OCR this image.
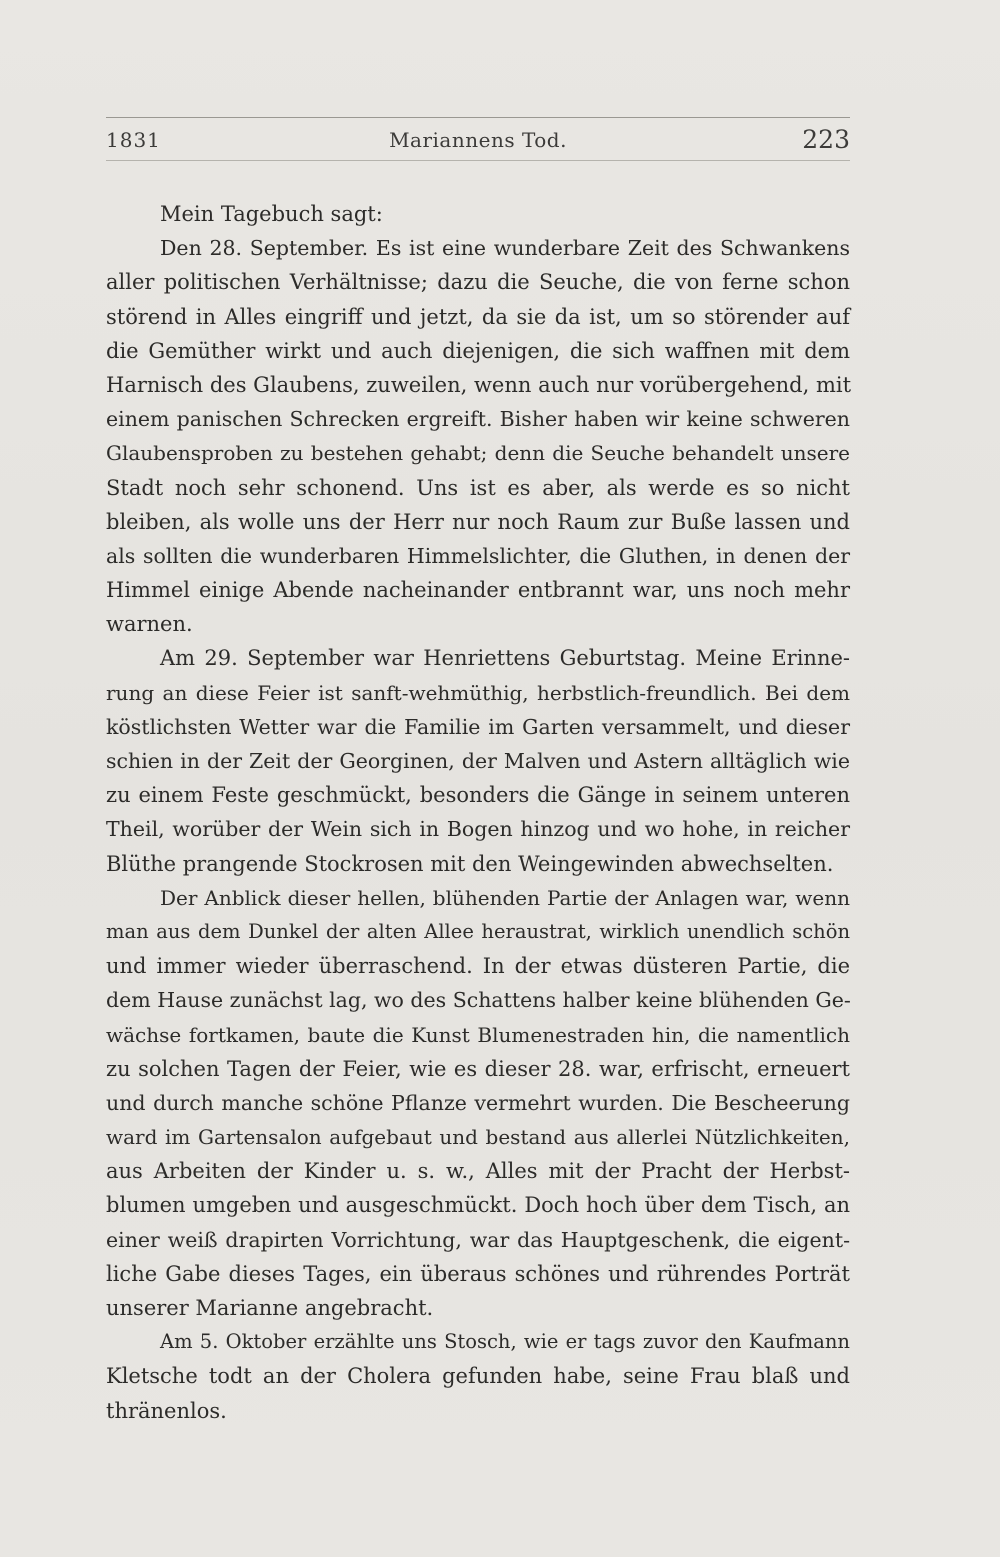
1831	Mariannens Tod.	223
Mein Tagebuch sagt:
Den 28. September. Es ist eine wunderbare Zeit des Schwankens
aller politischen Verhältnisse; dazu die Seuche, die von ferne schon
störend in Alles eingriff und jetzt, da sie da ist, um so störender auf
die Gemüther wirkt und auch diejenigen, die sich waffnen mit dem
Harnisch des Glaubens, zuweilen, wenn auch nur vorübergehend, mit
einem panischen Schrecken ergreift. Bisher haben wir keine schweren
Glaubensproben zu bestehen gehabt; denn die Seuche behandelt unsere
Stadt noch sehr schonend. Uns ist es aber, als werde es so nicht
bleiben, als wolle uns der Herr nur noch Raum zur Buße lassen und
als sollten die wunderbaren Himmelslichter, die Gluthen, in denen der
Himmel einige Abende nacheinander entbrannt war, uns noch mehr
warnen.
Am 29. September war Henriettens Geburtstag. Meine Erinne-
rung an diese Feier ist sanft-wehmüthig, herbstlich-freundlich. Bei dem
köstlichsten Wetter war die Familie im Garten versammelt, und dieser
schien in der Zeit der Georginen, der Malven und Astern alltäglich wie
zu einem Feste geschmückt, besonders die Gänge in seinem unteren
Theil, worüber der Wein sich in Bogen hinzog und wo hohe, in reicher
Blüthe prangende Stockrosen mit den Weingewinden abwechselten.
Der Anblick dieser hellen, blühenden Partie der Anlagen war, wenn
man aus dem Dunkel der alten Allee heraustrat, wirklich unendlich schön
und immer wieder überraschend. In der etwas düsteren Partie, die
dem Hause zunächst lag, wo des Schattens halber keine blühenden Ge-
wächse fortkamen, baute die Kunst Blumenestraden hin, die namentlich
zu solchen Tagen der Feier, wie es dieser 28. war, erfrischt, erneuert
und durch manche schöne Pflanze vermehrt wurden. Die Bescheerung
ward im Gartensalon aufgebaut und bestand aus allerlei Nützlichkeiten,
aus Arbeiten der Kinder u. s. w., Alles mit der Pracht der Herbst-
blumen umgeben und ausgeschmückt. Doch hoch über dem Tisch, an
einer weiß drapirten Vorrichtung, war das Hauptgeschenk, die eigent-
liche Gabe dieses Tages, ein überaus schönes und rührendes Porträt
unserer Marianne angebracht.
Am 5. Oktober erzählte uns Stosch, wie er tags zuvor den Kaufmann
Kletsche todt an der Cholera gefunden habe, seine Frau blaß und
thränenlos.
